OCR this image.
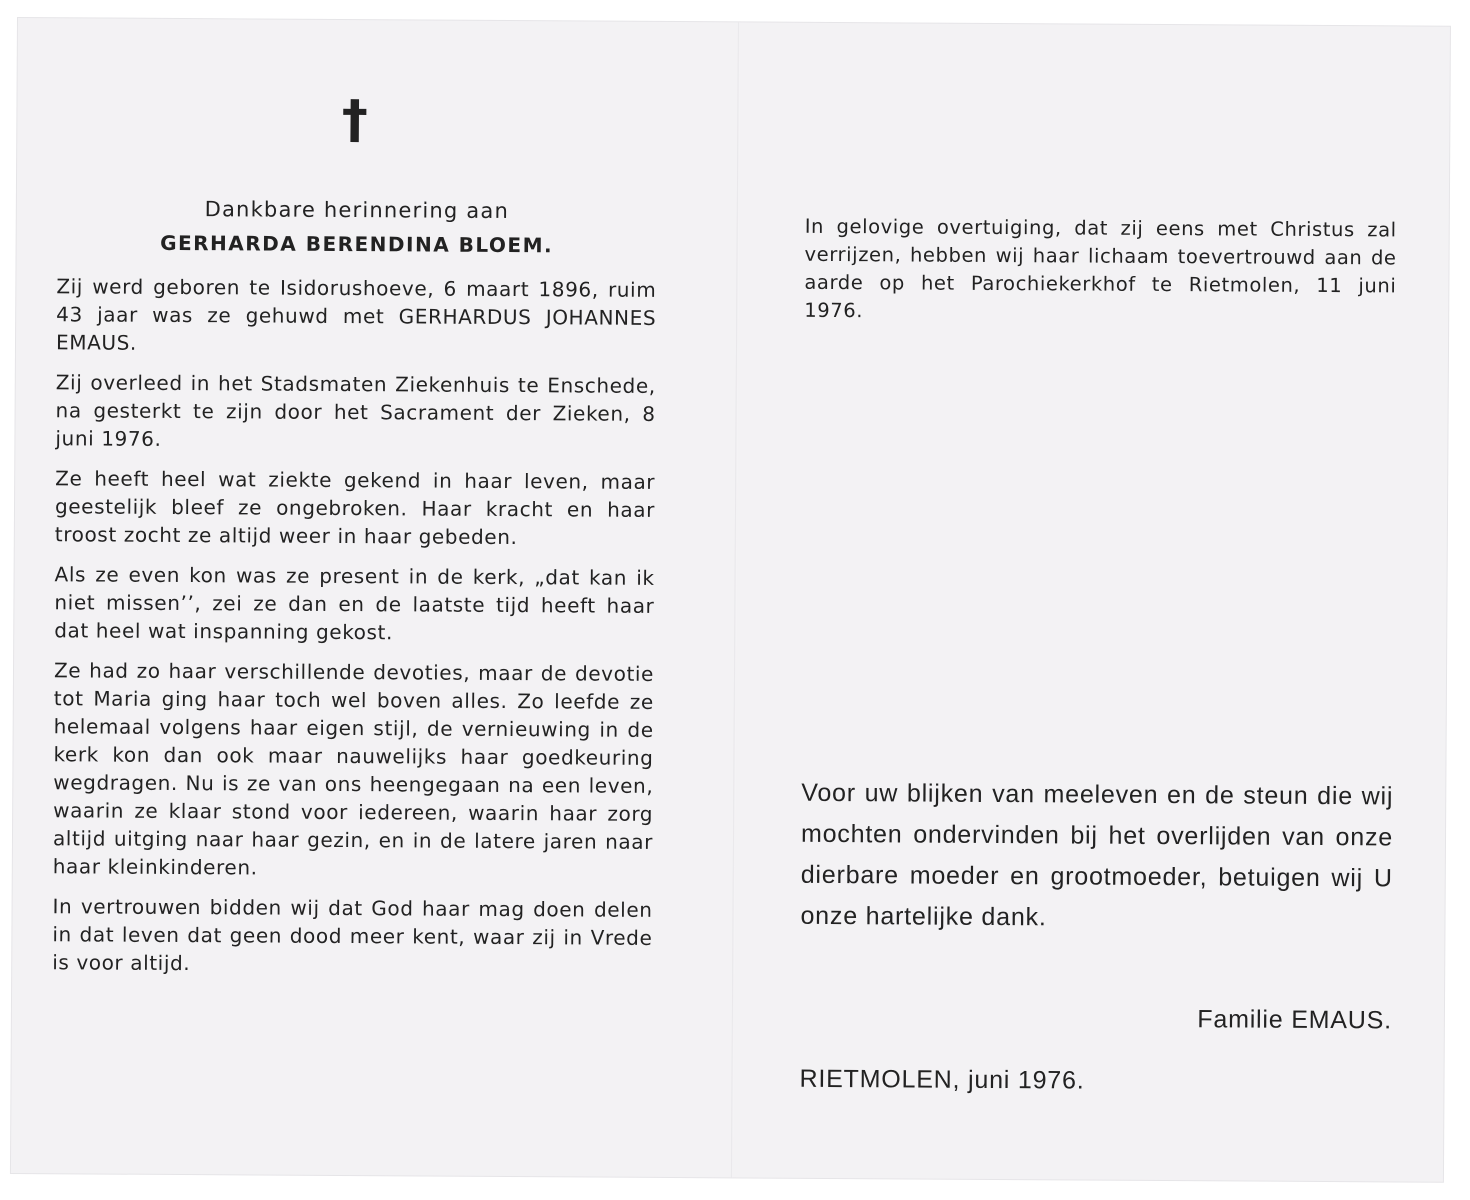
†

Dankbare herinnering aan

GERHARDA BERENDINA BLOEM.

Zij werd geboren te Isidorushoeve, 6 maart 1896, ruim 43 jaar was ze gehuwd met GERHARDUS JOHANNES EMAUS.

Zij overleed in het Stadsmaten Ziekenhuis te Enschede, na gesterkt te zijn door het Sacrament der Zieken, 8 juni 1976.

Ze heeft heel wat ziekte gekend in haar leven, maar geestelijk bleef ze ongebroken. Haar kracht en haar troost zocht ze altijd weer in haar gebeden.

Als ze even kon was ze present in de kerk, „dat kan ik niet missen’’, zei ze dan en de laatste tijd heeft haar dat heel wat inspanning gekost.

Ze had zo haar verschillende devoties, maar de devotie tot Maria ging haar toch wel boven alles. Zo leefde ze helemaal volgens haar eigen stijl, de vernieuwing in de kerk kon dan ook maar nauwelijks haar goedkeuring wegdragen. Nu is ze van ons heengegaan na een leven, waarin ze klaar stond voor iedereen, waarin haar zorg altijd uitging naar haar gezin, en in de latere jaren naar haar kleinkinderen.

In vertrouwen bidden wij dat God haar mag doen delen in dat leven dat geen dood meer kent, waar zij in Vrede is voor altijd.

In gelovige overtuiging, dat zij eens met Christus zal verrijzen, hebben wij haar lichaam toevertrouwd aan de aarde op het Parochiekerkhof te Rietmolen, 11 juni 1976.

Voor uw blijken van meeleven en de steun die wij mochten ondervinden bij het overlijden van onze dierbare moeder en grootmoeder, betuigen wij U onze hartelijke dank.

Familie EMAUS.

RIETMOLEN, juni 1976.
